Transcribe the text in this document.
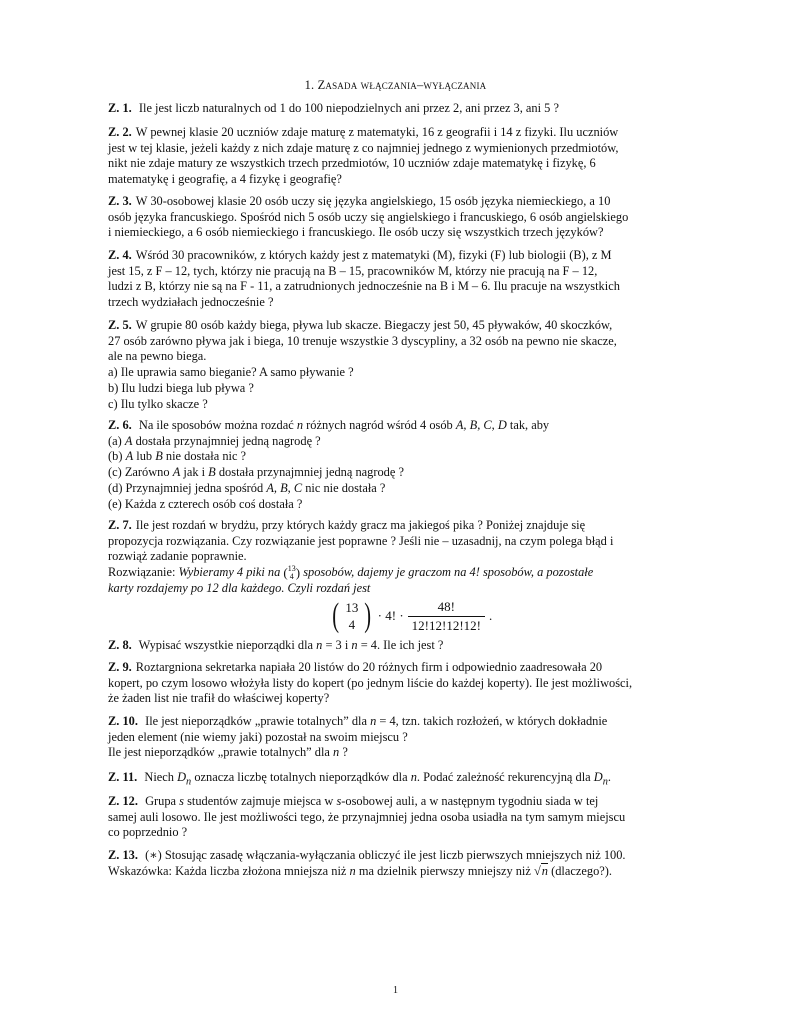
1. Zasada włączania–wyłączania

Z. 1. Ile jest liczb naturalnych od 1 do 100 niepodzielnych ani przez 2, ani przez 3, ani 5 ?

Z. 2. W pewnej klasie 20 uczniów zdaje maturę z matematyki, 16 z geografii i 14 z fizyki. Ilu uczniów
jest w tej klasie, jeżeli każdy z nich zdaje maturę z co najmniej jednego z wymienionych przedmiotów,
nikt nie zdaje matury ze wszystkich trzech przedmiotów, 10 uczniów zdaje matematykę i fizykę, 6
matematykę i geografię, a 4 fizykę i geografię?
Z. 3. W 30-osobowej klasie 20 osób uczy się języka angielskiego, 15 osób języka niemieckiego, a 10
osób języka francuskiego. Spośród nich 5 osób uczy się angielskiego i francuskiego, 6 osób angielskiego
i niemieckiego, a 6 osób niemieckiego i francuskiego. Ile osób uczy się wszystkich trzech języków?
Z. 4. Wśród 30 pracowników, z których każdy jest z matematyki (M), fizyki (F) lub biologii (B), z M
jest 15, z F – 12, tych, którzy nie pracują na B – 15, pracowników M, którzy nie pracują na F – 12,
ludzi z B, którzy nie są na F - 11, a zatrudnionych jednocześnie na B i M – 6. Ilu pracuje na wszystkich
trzech wydziałach jednocześnie ?
Z. 5. W grupie 80 osób każdy biega, pływa lub skacze. Biegaczy jest 50, 45 pływaków, 40 skoczków,
27 osób zarówno pływa jak i biega, 10 trenuje wszystkie 3 dyscypliny, a 32 osób na pewno nie skacze,
ale na pewno biega.
a) Ile uprawia samo bieganie? A samo pływanie ?
b) Ilu ludzi biega lub pływa ?
c) Ilu tylko skacze ?
Z. 6. Na ile sposobów można rozdać n różnych nagród wśród 4 osób A, B, C, D tak, aby
(a) A dostała przynajmniej jedną nagrodę ?
(b) A lub B nie dostała nic ?
(c) Zarówno A jak i B dostała przynajmniej jedną nagrodę ?
(d) Przynajmniej jedna spośród A, B, C nic nie dostała ?
(e) Każda z czterech osób coś dostała ?
Z. 7. Ile jest rozdań w brydżu, przy których każdy gracz ma jakiegoś pika ? Poniżej znajduje się
propozycja rozwiązania. Czy rozwiązanie jest poprawne ? Jeśli nie – uzasadnij, na czym polega błąd i
rozwiąż zadanie poprawnie.
Rozwiązanie: Wybieramy 4 piki na ( 13
4 ) sposobów, dajemy je graczom na 4! sposobów, a pozostałe
karty rozdajemy po 12 dla każdego. Czyli rozdań jest
( 13
4 ) · 4! · $\frac{48!}{12!12!12!12!}$ .

Z. 8. Wypisać wszystkie nieporządki dla n = 3 i n = 4. Ile ich jest ?

Z. 9. Roztargniona sekretarka napiała 20 listów do 20 różnych firm i odpowiednio zaadresowała 20
kopert, po czym losowo włożyła listy do kopert (po jednym liście do każdej koperty). Ile jest możliwości,
że żaden list nie trafił do właściwej koperty?
Z. 10. Ile jest nieporządków „prawie totalnych” dla n = 4, tzn. takich rozłożeń, w których dokładnie
jeden element (nie wiemy jaki) pozostał na swoim miejscu ?
Ile jest nieporządków „prawie totalnych” dla n ?

Z. 11. Niech $D_n$ oznacza liczbę totalnych nieporządków dla n. Podać zależność rekurencyjną dla $D_n$.

Z. 12. Grupa s studentów zajmuje miejsca w s-osobowej auli, a w następnym tygodniu siada w tej
samej auli losowo. Ile jest możliwości tego, że przynajmniej jedna osoba usiadła na tym samym miejscu
co poprzednio ?
Z. 13. (∗) Stosując zasadę włączania-wyłączania obliczyć ile jest liczb pierwszych mniejszych niż 100.
Wskazówka: Każda liczba złożona mniejsza niż n ma dzielnik pierwszy mniejszy niż √n (dlaczego?).
1
